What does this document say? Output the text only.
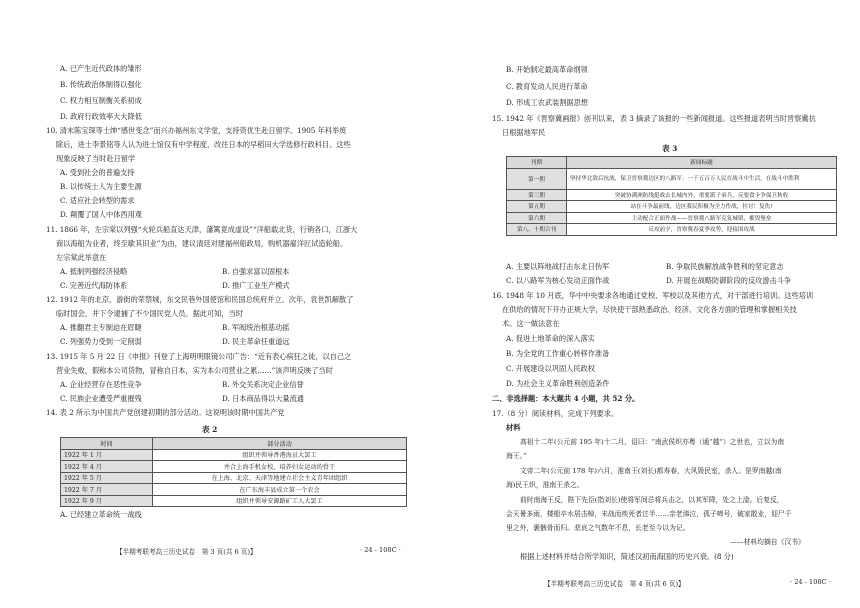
A. 已产生近代政体的雏形
B. 传统政治体制得以强化
C. 权力相互制衡关系初成
D. 政府行政效率大大降低
10. 清末陈宝琛等士绅“感世变念”而兴办福州东文学堂，支持资优生赴日留学。1905 年科举废
除后，进士李景铭等人认为进士馆仅有中学程度，改往日本的早稻田大学选修行政科目。这些
现象反映了当时赴日留学
A. 受到社会的普遍支持
B. 以传统士人为主要生源
C. 适应社会转型的需求
D. 颠覆了国人中体西用观
11. 1866 年，左宗棠以列强“火轮兵船直达天津，藩篱竟成虚设”“洋船载北货，行销各口，江浙大
商以海船为业者，终至歇其旧业”为由，建议清廷对建福州船政局，购机器雇洋匠试造轮船。
左宗棠此举意在
A. 抵制列强经济侵略	B. 自强求富以固根本
C. 完善近代海防体系	D. 推广工业生产模式
12. 1912 年的北京，游街的荣禁城，东交民巷外国使馆和民国总统府并立。次年，袁世凯解散了
临时国会，并下令逮捕了不少国民党人员。据此可知，当时
A. 推翻君主专制迫在眉睫	B. 军阀统治根基动摇
C. 列强势力受到一定削弱	D. 民主革命任重道远
13. 1915 年 5 月 22 日《申报》刊登了上海明明眼镜公司广告：“近有表心病狂之徒，以自己之
营业失败，假称本公司货物，冒称自日本，实为本公司营业之累……”该声明反映了当时
A. 企业经营存在恶性竞争	B. 外交关系决定企业信誉
C. 民族企业遭受严重摧残	D. 日本商品得以大量流通
14. 表 2 所示为中国共产党创建初期的部分活动。这说明该时期中国共产党
表 2
时间	部分活动
1922 年 1 月	组织并领导香港海员大罢工
1922 年 4 月	并合上海手机女校，培养妇女运动的骨干
1922 年 5 月	在上海、北京、天津等地建立社会主义青年团组织
1922 年 7 月	在广东海丰县成立第一个农会
1922 年 9 月	组织并领导安源路矿工人大罢工
A. 已经建立革命统一战线
【半期考联考高三历史试卷　第 3 页(共 6 页)】	· 24 - 108C ·
B. 开始制定最高革命纲领
C. 教育发动人民进行革命
D. 形成工农武装割据思想
15. 1942 年《晋察冀画报》创刊以来，表 3 摘录了该报的一些新闻报道。这些报道表明当时晋察冀抗
日根据地军民
表 3
刊期	新闻标题
第一期	坚持华北敌后抗战，保卫晋察冀边区的八路军：一千五百万人民在战斗中生活，在战斗中胜利
第三期	突破协满洲防线挺战去长城内外，重要派子弟兵，反要食卡争保卫秋收
第五期	站在斗争最前线，边区我民积极为全力作战，拉讨！复仇!
第六期	主动配合正面作战——晋察冀八路军克复城镇，摧毁堡垒
第八、十期合刊	反攻前夕，晋察冀春夏季攻势，迎接围攻战
A. 主要以阵地战打击东北日伪军	B. 争取民族解放战争胜利的坚定意志
C. 以八路军为核心发动正面作战	D. 开展在战略防御阶段的反攻游击斗争
16. 1948 年 10 月底，华中中央要求各地通过党校、军校以及其他方式，对干部进行培训。这些培训
在供给的情况下开办正规大学，尽快使干部熟悉政治、经济、文化各方面的管理和掌握相关技
术。这一做法意在
A. 促进土地革命的深入落实
B. 为全党的工作重心转移作准备
C. 开展建设以巩固人民政权
D. 为社会主义革命胜利创造条件
二、非选择题：本大题共 4 小题，共 52 分。
17.（8 分）阅读材料，完成下列要求。
材料
高祖十二年(公元前 195 年)十二月，诏曰：“南武侯织亦粤（通“越”）之世也，立以为南
海王。”
文帝二年(公元前 178 年)六月，淮南王(刘长)都寿春，大风毁民室，杀人。是罗南越(南
海)民王织，淮南王杀之。
前时南海王反，陛下先臣(指刘长)使将军间忌将兵击之，以其军降，处之上淦。后复反，
会天暑多雨，楼船卒水居击棹，未战而疾死者过半……亲老涕泣，孤子啼号，破家散业，迎尸千
里之外，裹骸骨而归。悲哀之气数年不息，长老至今以为记。
——材料均摘自《汉书》
根据上述材料并结合所学知识，简述汉初南海国的历史兴衰。(8 分)
【半期考联考高三历史试卷　第 4 页(共 6 页)】	· 24 - 108C ·
